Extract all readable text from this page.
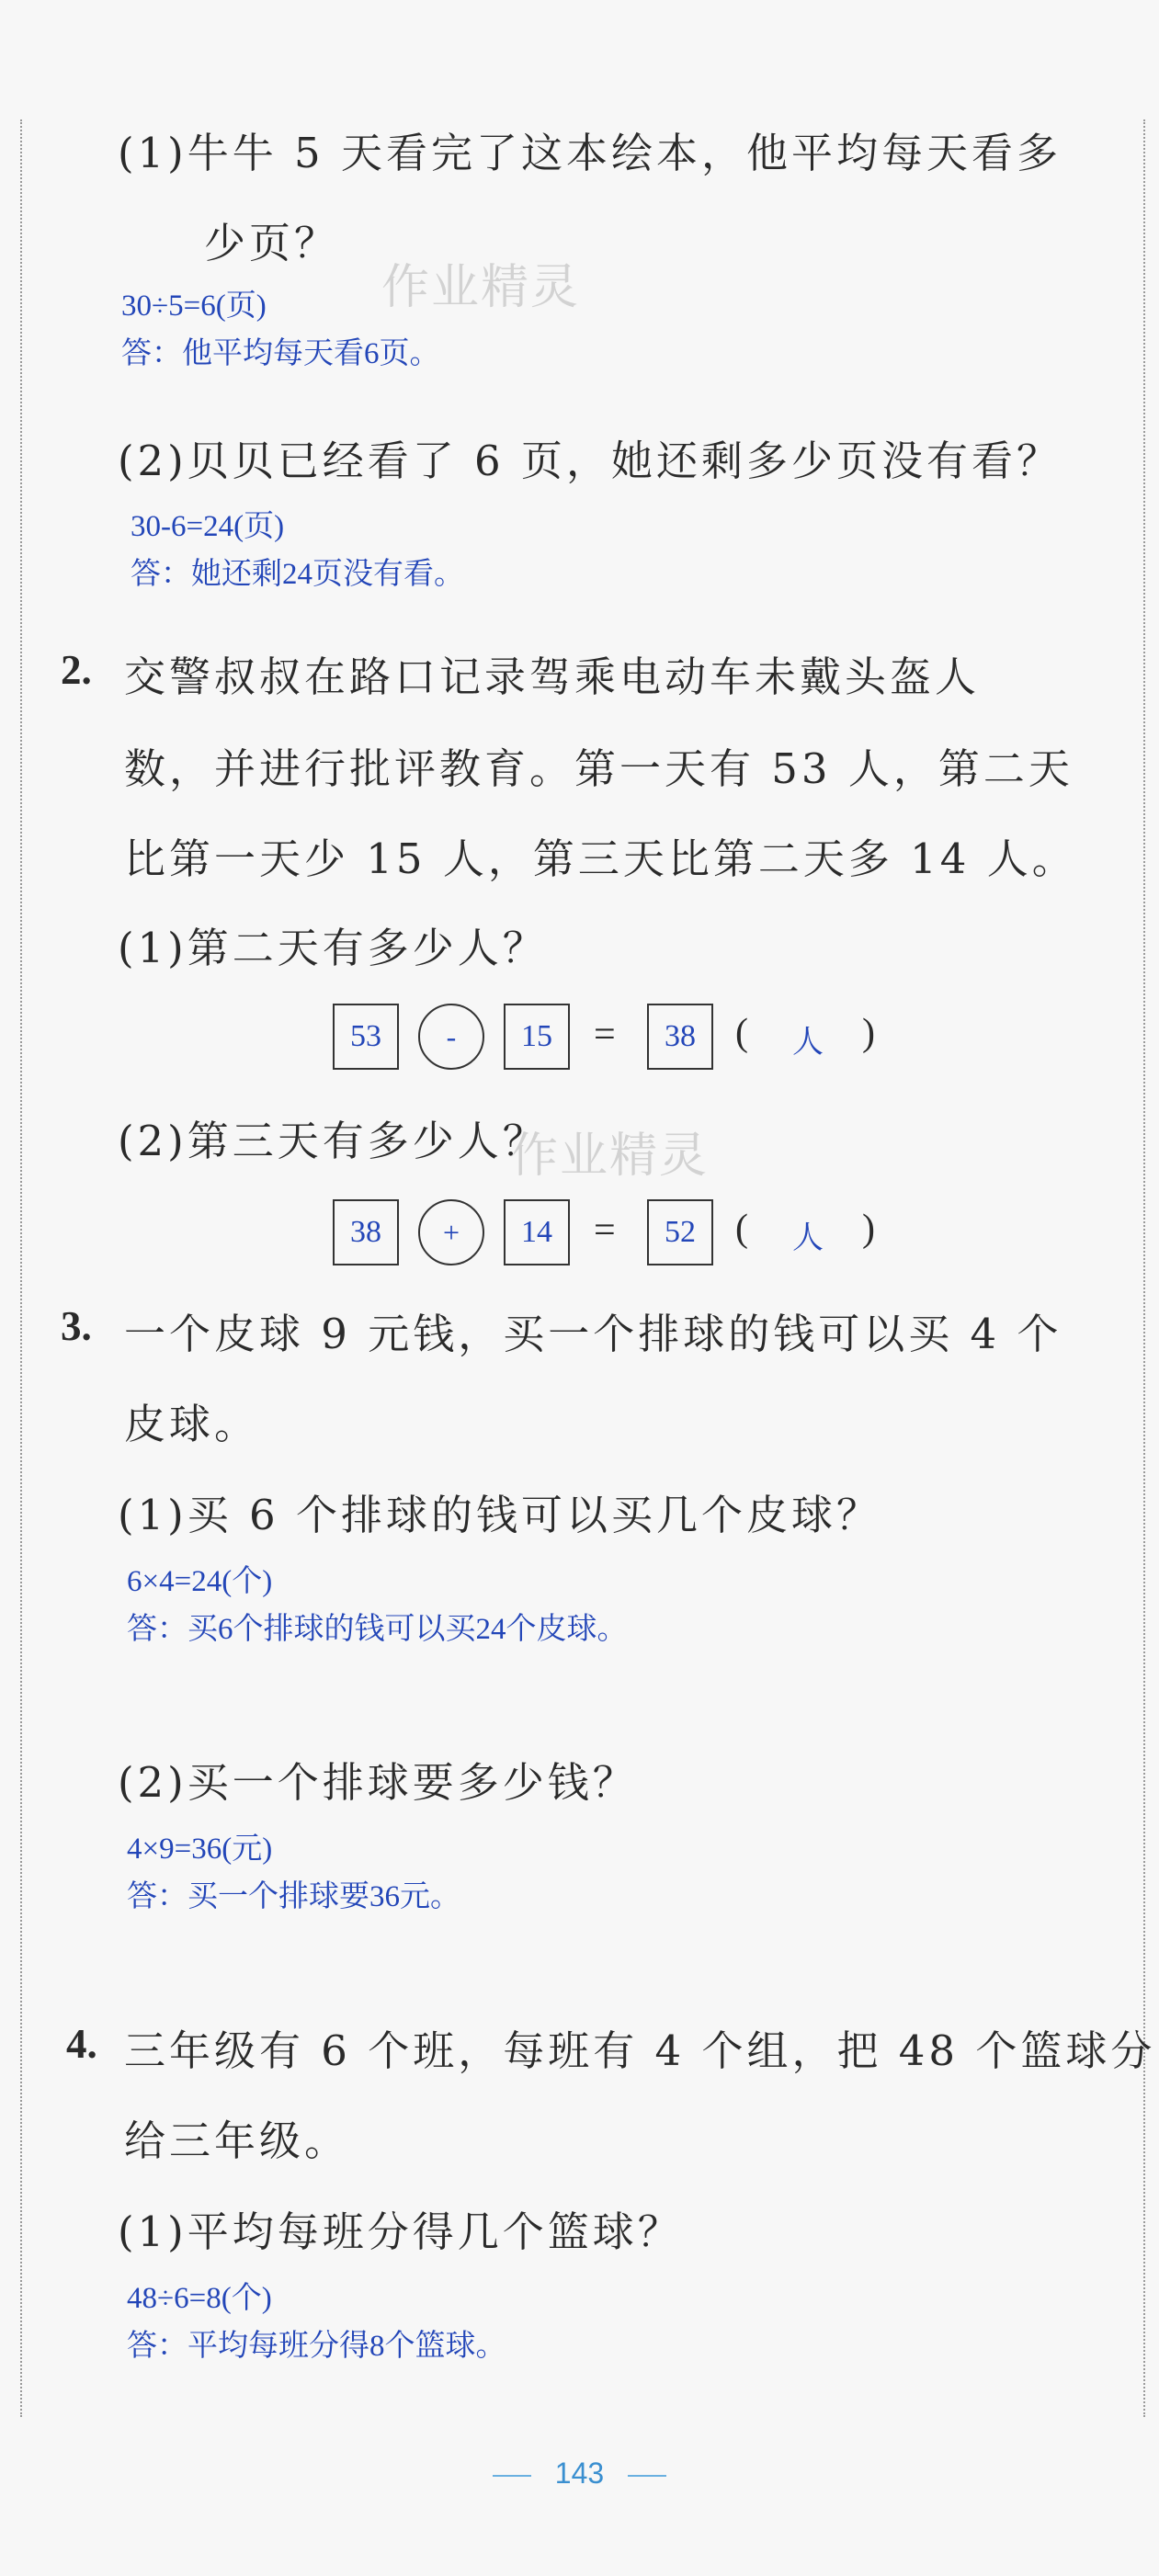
(1)牛牛 5 天看完了这本绘本，他平均每天看多
少页？
作业精灵
30÷5=6(页)
答：他平均每天看6页。
(2)贝贝已经看了 6 页，她还剩多少页没有看？
30-6=24(页)
答：她还剩24页没有看。
2. 交警叔叔在路口记录驾乘电动车未戴头盔人
数，并进行批评教育。第一天有 53 人，第二天
比第一天少 15 人，第三天比第二天多 14 人。
(1)第二天有多少人？
53	-	15	=	38	( 人 )
(2)第三天有多少人？
作业精灵
38	+	14	=	52	( 人 )
3. 一个皮球 9 元钱，买一个排球的钱可以买 4 个
皮球。
(1)买 6 个排球的钱可以买几个皮球？
6×4=24(个)
答：买6个排球的钱可以买24个皮球。
(2)买一个排球要多少钱？
4×9=36(元)
答：买一个排球要36元。
4. 三年级有 6 个班，每班有 4 个组，把 48 个篮球分
给三年级。
(1)平均每班分得几个篮球？
48÷6=8(个)
答：平均每班分得8个篮球。
143
